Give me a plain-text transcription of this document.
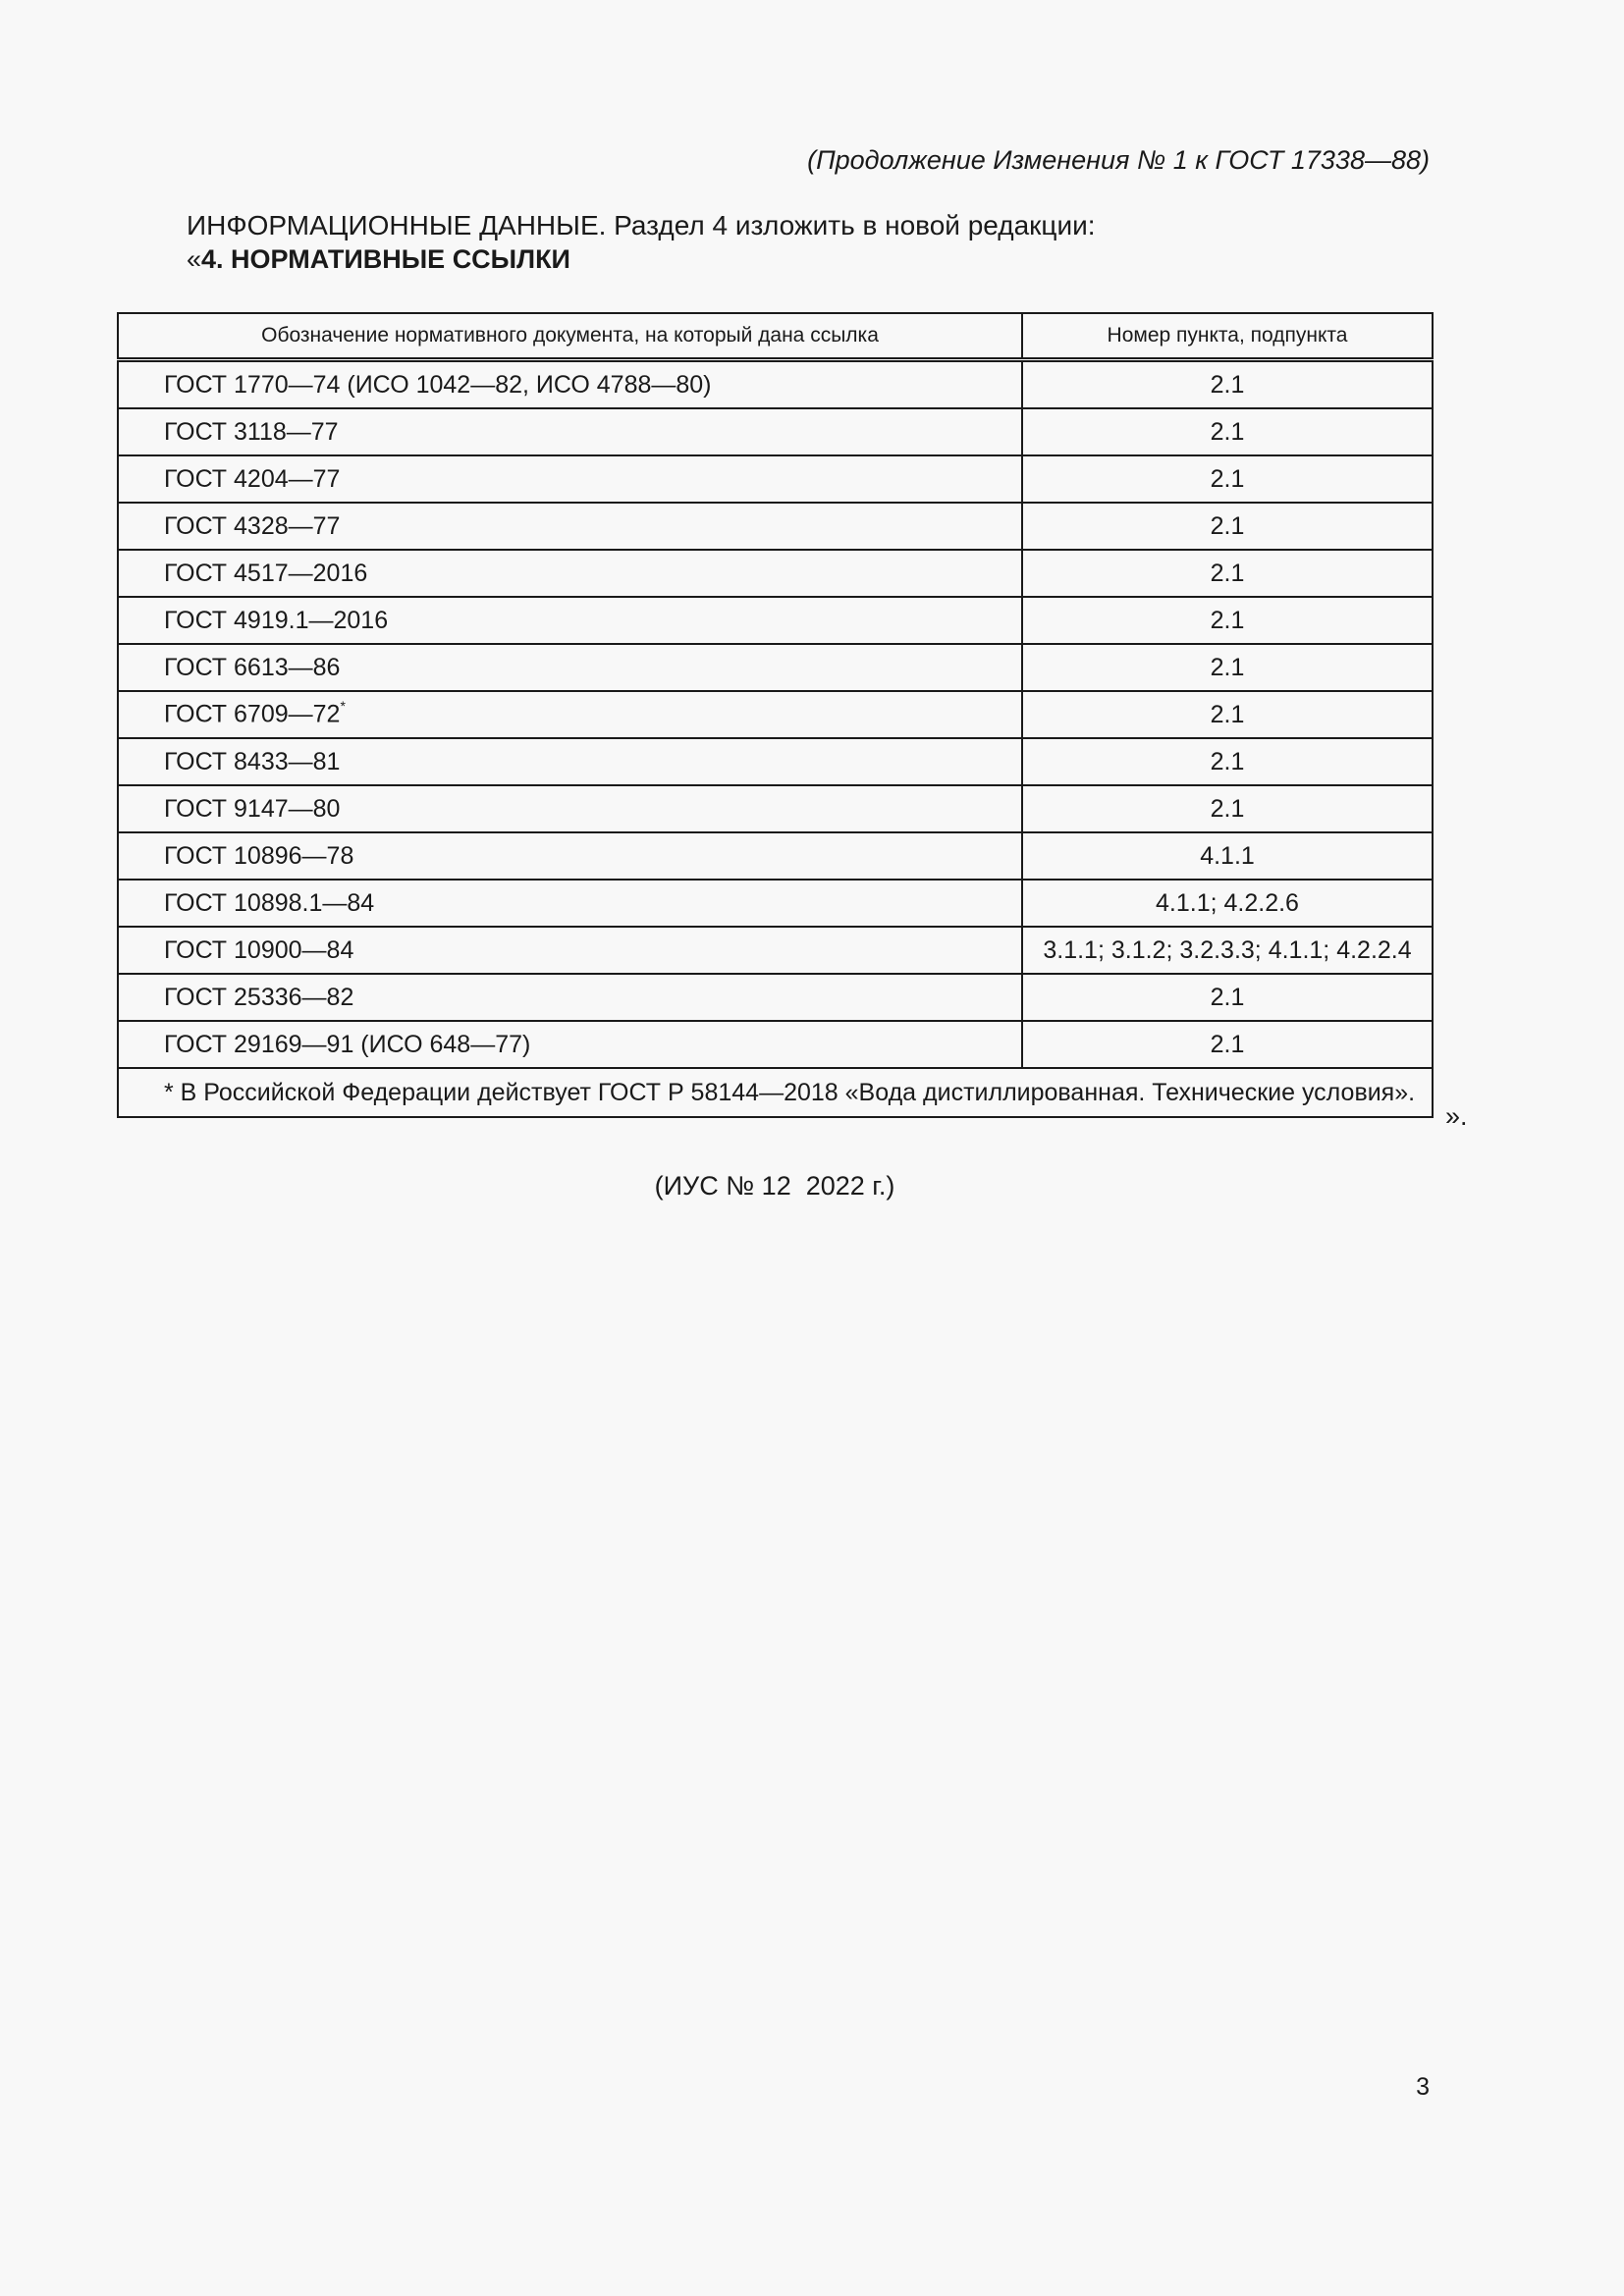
(Продолжение Изменения № 1 к ГОСТ 17338—88)
ИНФОРМАЦИОННЫЕ ДАННЫЕ. Раздел 4 изложить в новой редакции:
«4. НОРМАТИВНЫЕ ССЫЛКИ
Обозначение нормативного документа, на который дана ссылка	Номер пункта, подпункта
ГОСТ 1770—74 (ИСО 1042—82, ИСО 4788—80)	2.1
ГОСТ 3118—77	2.1
ГОСТ 4204—77	2.1
ГОСТ 4328—77	2.1
ГОСТ 4517—2016	2.1
ГОСТ 4919.1—2016	2.1
ГОСТ 6613—86	2.1
ГОСТ 6709—72*	2.1
ГОСТ 8433—81	2.1
ГОСТ 9147—80	2.1
ГОСТ 10896—78	4.1.1
ГОСТ 10898.1—84	4.1.1; 4.2.2.6
ГОСТ 10900—84	3.1.1; 3.1.2; 3.2.3.3; 4.1.1; 4.2.2.4
ГОСТ 25336—82	2.1
ГОСТ 29169—91 (ИСО 648—77)	2.1
* В Российской Федерации действует ГОСТ Р 58144—2018 «Вода дистиллированная. Технические условия».	
».
(ИУС № 12  2022 г.)
3
